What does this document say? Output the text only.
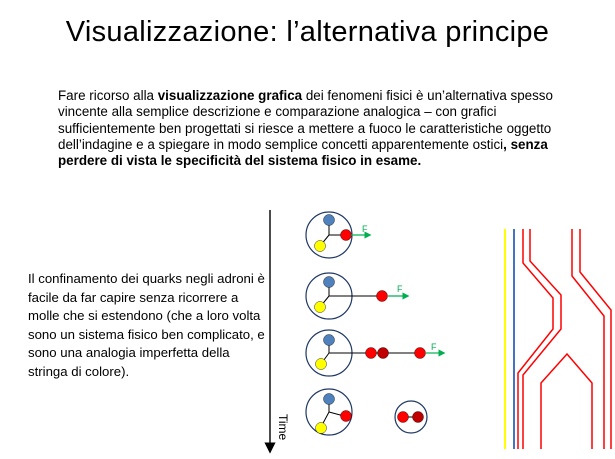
Visualizzazione: l’alternativa principe
Fare ricorso alla visualizzazione grafica dei fenomeni fisici è un’alternativa spesso vincente alla semplice descrizione e comparazione analogica – con grafici sufficientemente ben progettati si riesce a mettere a fuoco le caratteristiche oggetto dell’indagine e a spiegare in modo semplice concetti apparentemente ostici, senza perdere di vista le specificità del sistema fisico in esame.
Il confinamento dei quarks negli adroni è facile da far capire senza ricorrere a molle che si estendono (che a loro volta sono un sistema fisico ben complicato, e sono una analogia imperfetta della stringa di colore).
Time
F
F
F
